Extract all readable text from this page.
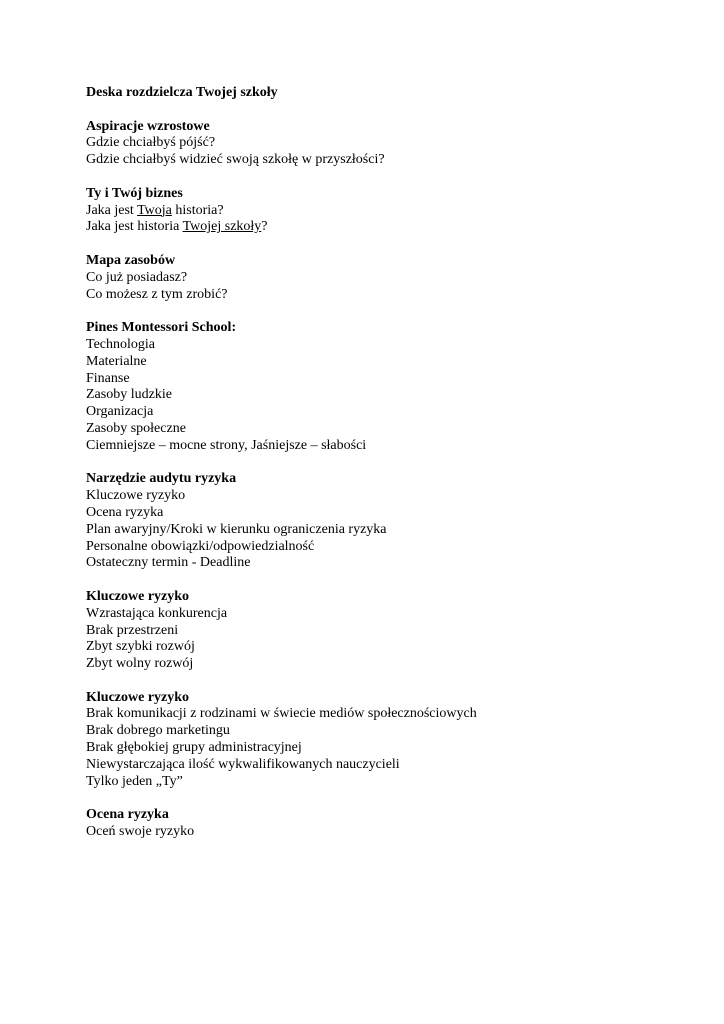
Deska rozdzielcza Twojej szkoły
Aspiracje wzrostowe
Gdzie chciałbyś pójść?
Gdzie chciałbyś widzieć swoją szkołę w przyszłości?
Ty i Twój biznes
Jaka jest Twoja historia?
Jaka jest historia Twojej szkoły?
Mapa zasobów
Co już posiadasz?
Co możesz z tym zrobić?
Pines Montessori School:
Technologia
Materialne
Finanse
Zasoby ludzkie
Organizacja
Zasoby społeczne
Ciemniejsze – mocne strony, Jaśniejsze – słabości
Narzędzie audytu ryzyka
Kluczowe ryzyko
Ocena ryzyka
Plan awaryjny/Kroki w kierunku ograniczenia ryzyka
Personalne obowiązki/odpowiedzialność
Ostateczny termin - Deadline
Kluczowe ryzyko
Wzrastająca konkurencja
Brak przestrzeni
Zbyt szybki rozwój
Zbyt wolny rozwój
Kluczowe ryzyko
Brak komunikacji z rodzinami w świecie mediów społecznościowych
Brak dobrego marketingu
Brak głębokiej grupy administracyjnej
Niewystarczająca ilość wykwalifikowanych nauczycieli
Tylko jeden „Ty”
Ocena ryzyka
Oceń swoje ryzyko
